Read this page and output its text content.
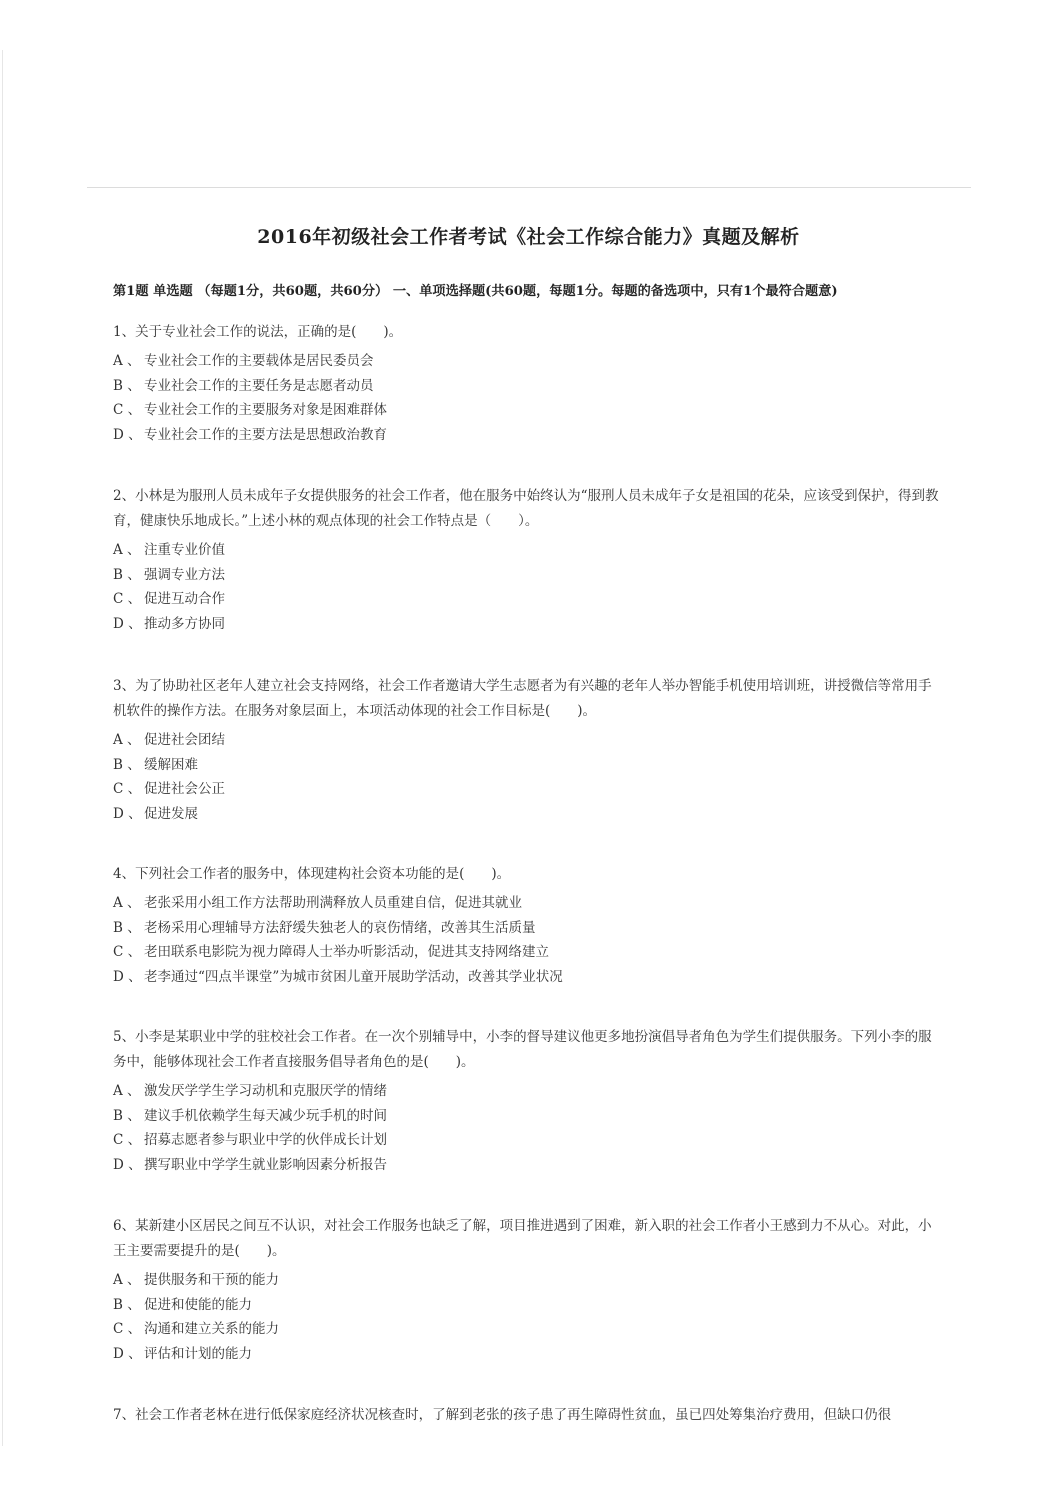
2016年初级社会工作者考试《社会工作综合能力》真题及解析
第1题 单选题 （每题1分，共60题，共60分） 一、单项选择题(共60题，每题1分。每题的备选项中，只有1个最符合题意)

1、关于专业社会工作的说法，正确的是(　　)。

A 、 专业社会工作的主要载体是居民委员会
B 、 专业社会工作的主要任务是志愿者动员
C 、 专业社会工作的主要服务对象是困难群体
D 、 专业社会工作的主要方法是思想政治教育

2、小林是为服刑人员未成年子女提供服务的社会工作者，他在服务中始终认为“服刑人员未成年子女是祖国的花朵，应该受到保护，得到教育，健康快乐地成长。”上述小林的观点体现的社会工作特点是（　　）。

A 、 注重专业价值
B 、 强调专业方法
C 、 促进互动合作
D 、 推动多方协同

3、为了协助社区老年人建立社会支持网络，社会工作者邀请大学生志愿者为有兴趣的老年人举办智能手机使用培训班，讲授微信等常用手机软件的操作方法。在服务对象层面上，本项活动体现的社会工作目标是(　　)。

A 、 促进社会团结
B 、 缓解困难
C 、 促进社会公正
D 、 促进发展

4、下列社会工作者的服务中，体现建构社会资本功能的是(　　)。

A 、 老张采用小组工作方法帮助刑满释放人员重建自信，促进其就业
B 、 老杨采用心理辅导方法舒缓失独老人的哀伤情绪，改善其生活质量
C 、 老田联系电影院为视力障碍人士举办听影活动，促进其支持网络建立
D 、 老李通过“四点半课堂”为城市贫困儿童开展助学活动，改善其学业状况

5、小李是某职业中学的驻校社会工作者。在一次个别辅导中，小李的督导建议他更多地扮演倡导者角色为学生们提供服务。下列小李的服务中，能够体现社会工作者直接服务倡导者角色的是(　　)。

A 、 激发厌学学生学习动机和克服厌学的情绪
B 、 建议手机依赖学生每天减少玩手机的时间
C 、 招募志愿者参与职业中学的伙伴成长计划
D 、 撰写职业中学学生就业影响因素分析报告

6、某新建小区居民之间互不认识，对社会工作服务也缺乏了解，项目推进遇到了困难，新入职的社会工作者小王感到力不从心。对此，小王主要需要提升的是(　　)。

A 、 提供服务和干预的能力
B 、 促进和使能的能力
C 、 沟通和建立关系的能力
D 、 评估和计划的能力

7、社会工作者老林在进行低保家庭经济状况核查时，了解到老张的孩子患了再生障碍性贫血，虽已四处筹集治疗费用，但缺口仍很
